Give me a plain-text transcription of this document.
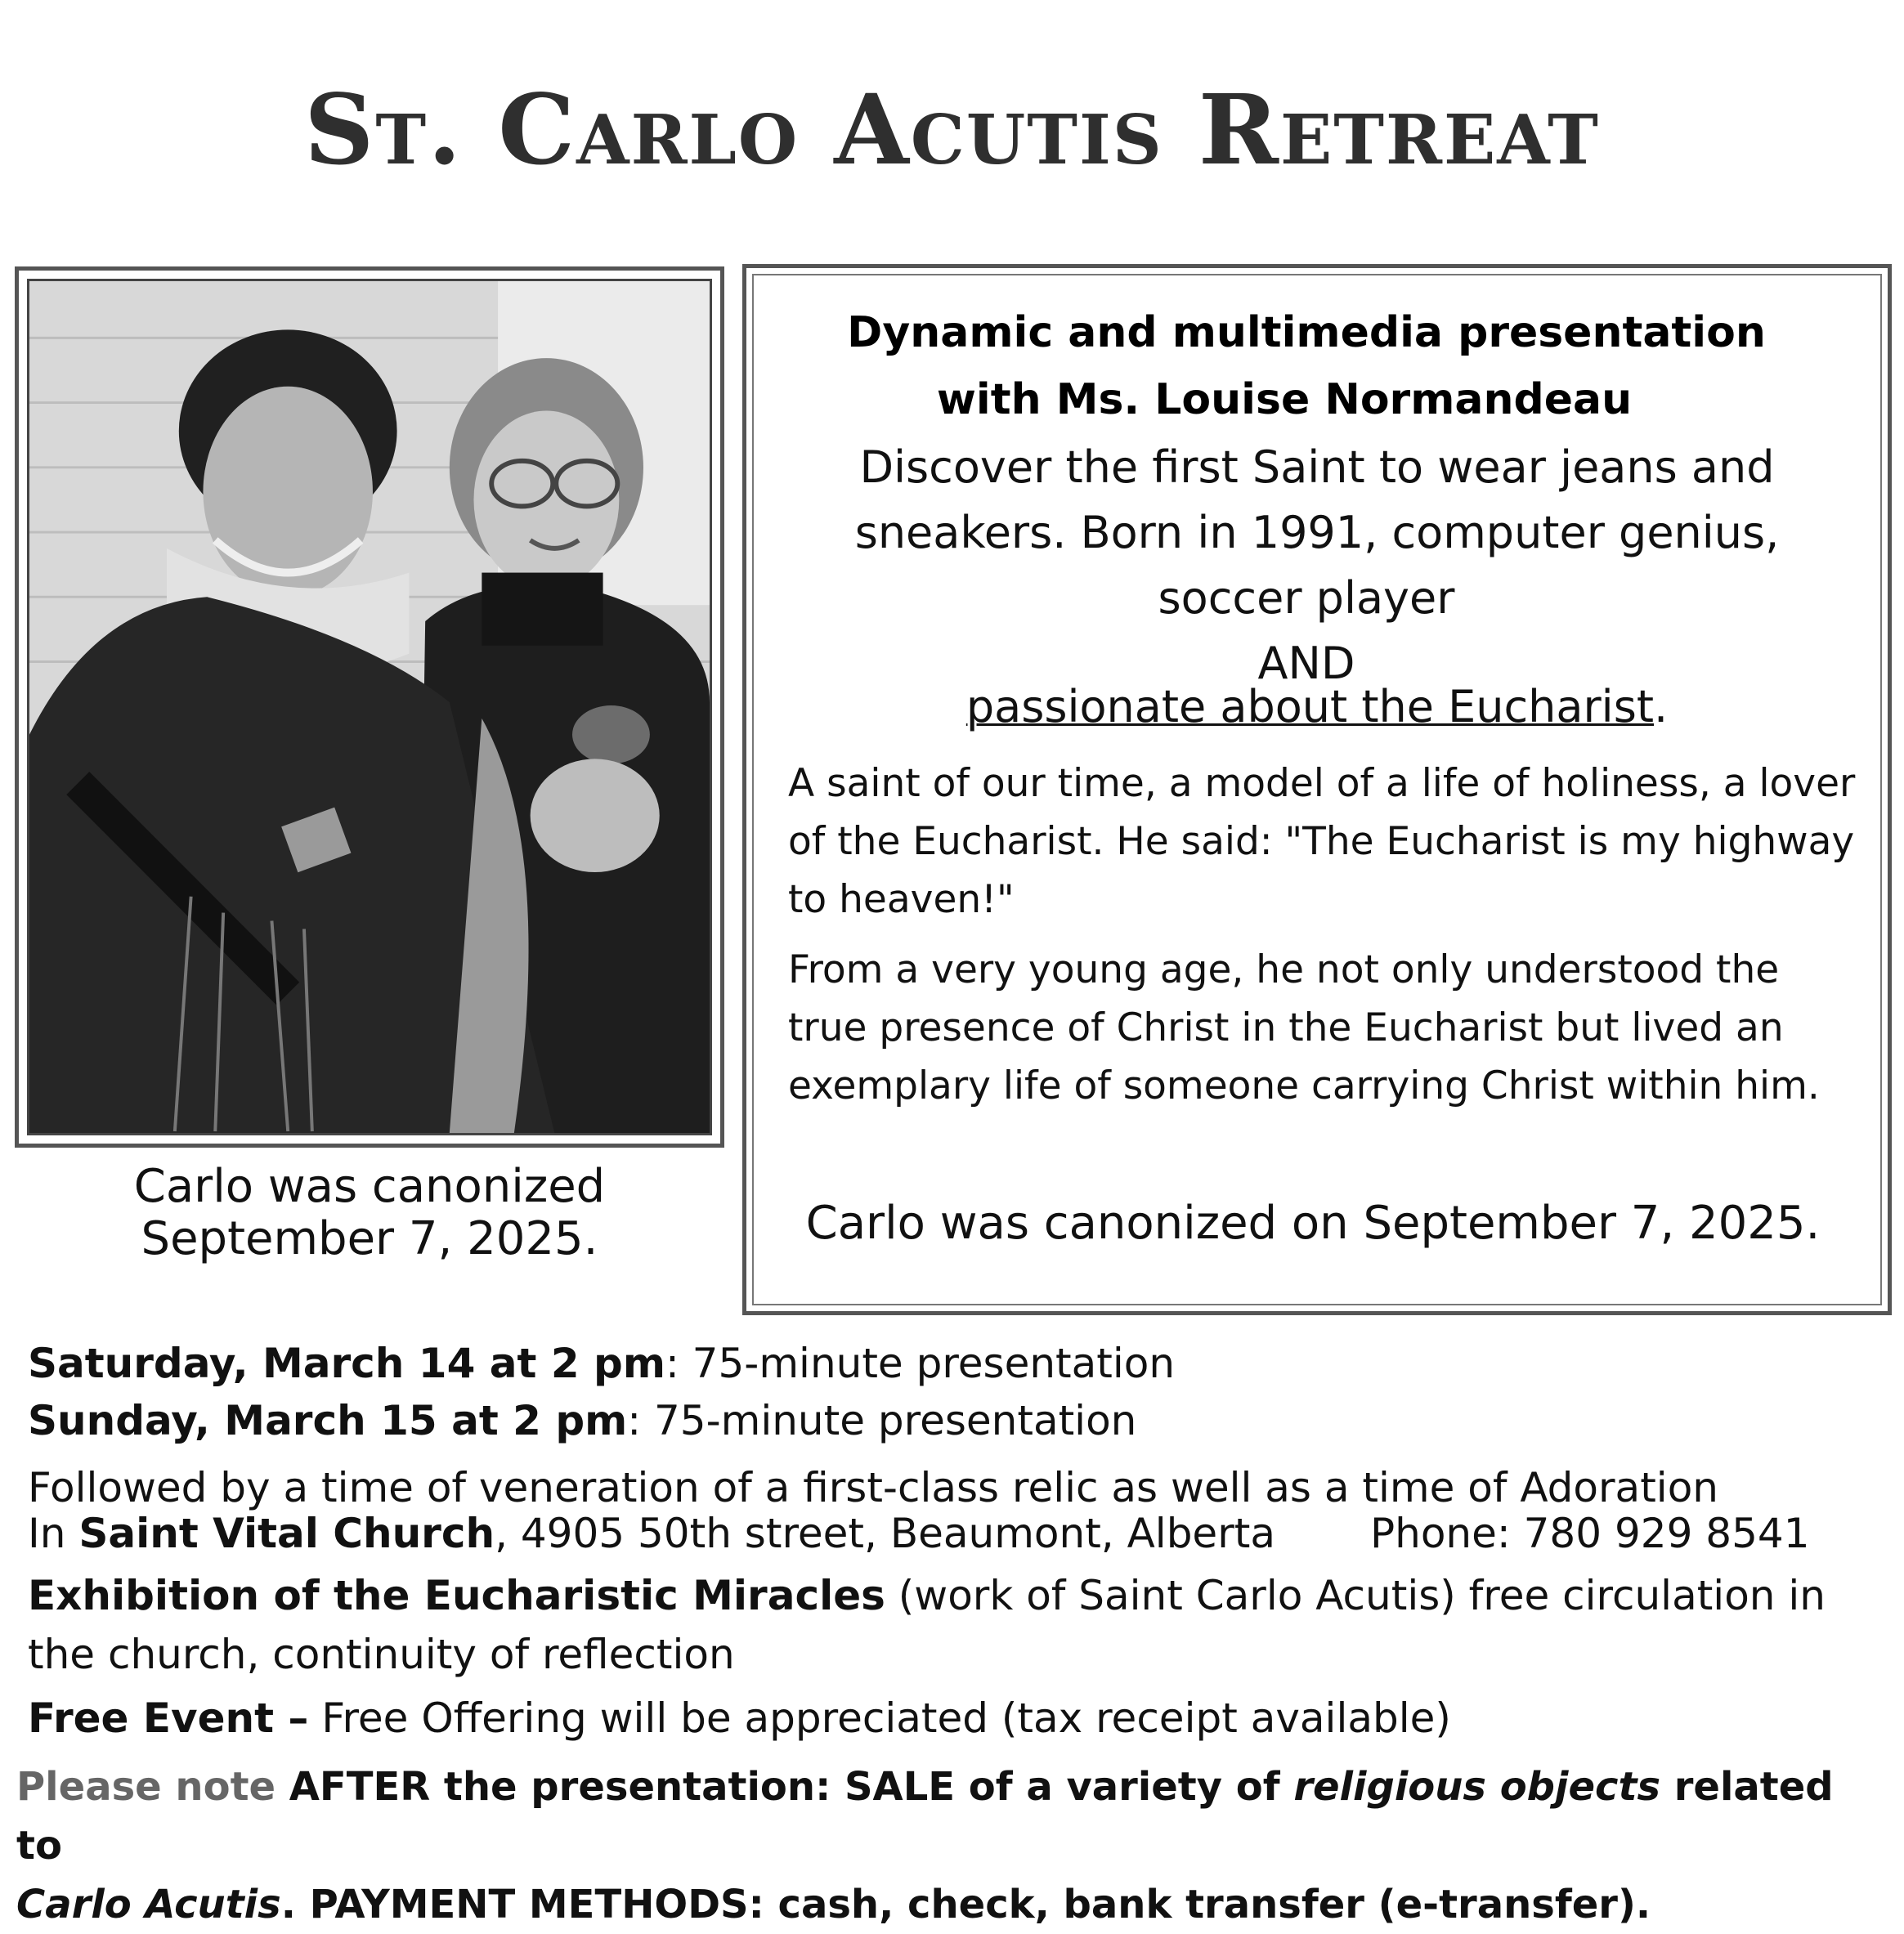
St. Carlo Acutis Retreat
Carlo was canonized
September 7, 2025.
Dynamic and multimedia presentation
with Ms. Louise Normandeau
Discover the first Saint to wear jeans and
sneakers. Born in 1991, computer genius,
soccer player
AND
passionate about the Eucharist.
A saint of our time, a model of a life of holiness, a lover of the Eucharist. He said: "The Eucharist is my highway to heaven!"
From a very young age, he not only understood the true presence of Christ in the Eucharist but lived an exemplary life of someone carrying Christ within him.
Carlo was canonized on September 7, 2025.
Saturday, March 14 at 2 pm: 75-minute presentation
Sunday, March 15 at 2 pm: 75-minute presentation
Followed by a time of veneration of a first-class relic as well as a time of Adoration
In Saint Vital Church, 4905 50th street, Beaumont, Alberta Phone: 780 929 8541
Exhibition of the Eucharistic Miracles (work of Saint Carlo Acutis) free circulation in
the church, continuity of reflection
Free Event – Free Offering will be appreciated (tax receipt available)
Please note AFTER the presentation: SALE of a variety of religious objects related to
Carlo Acutis. PAYMENT METHODS: cash, check, bank transfer (e-transfer).
